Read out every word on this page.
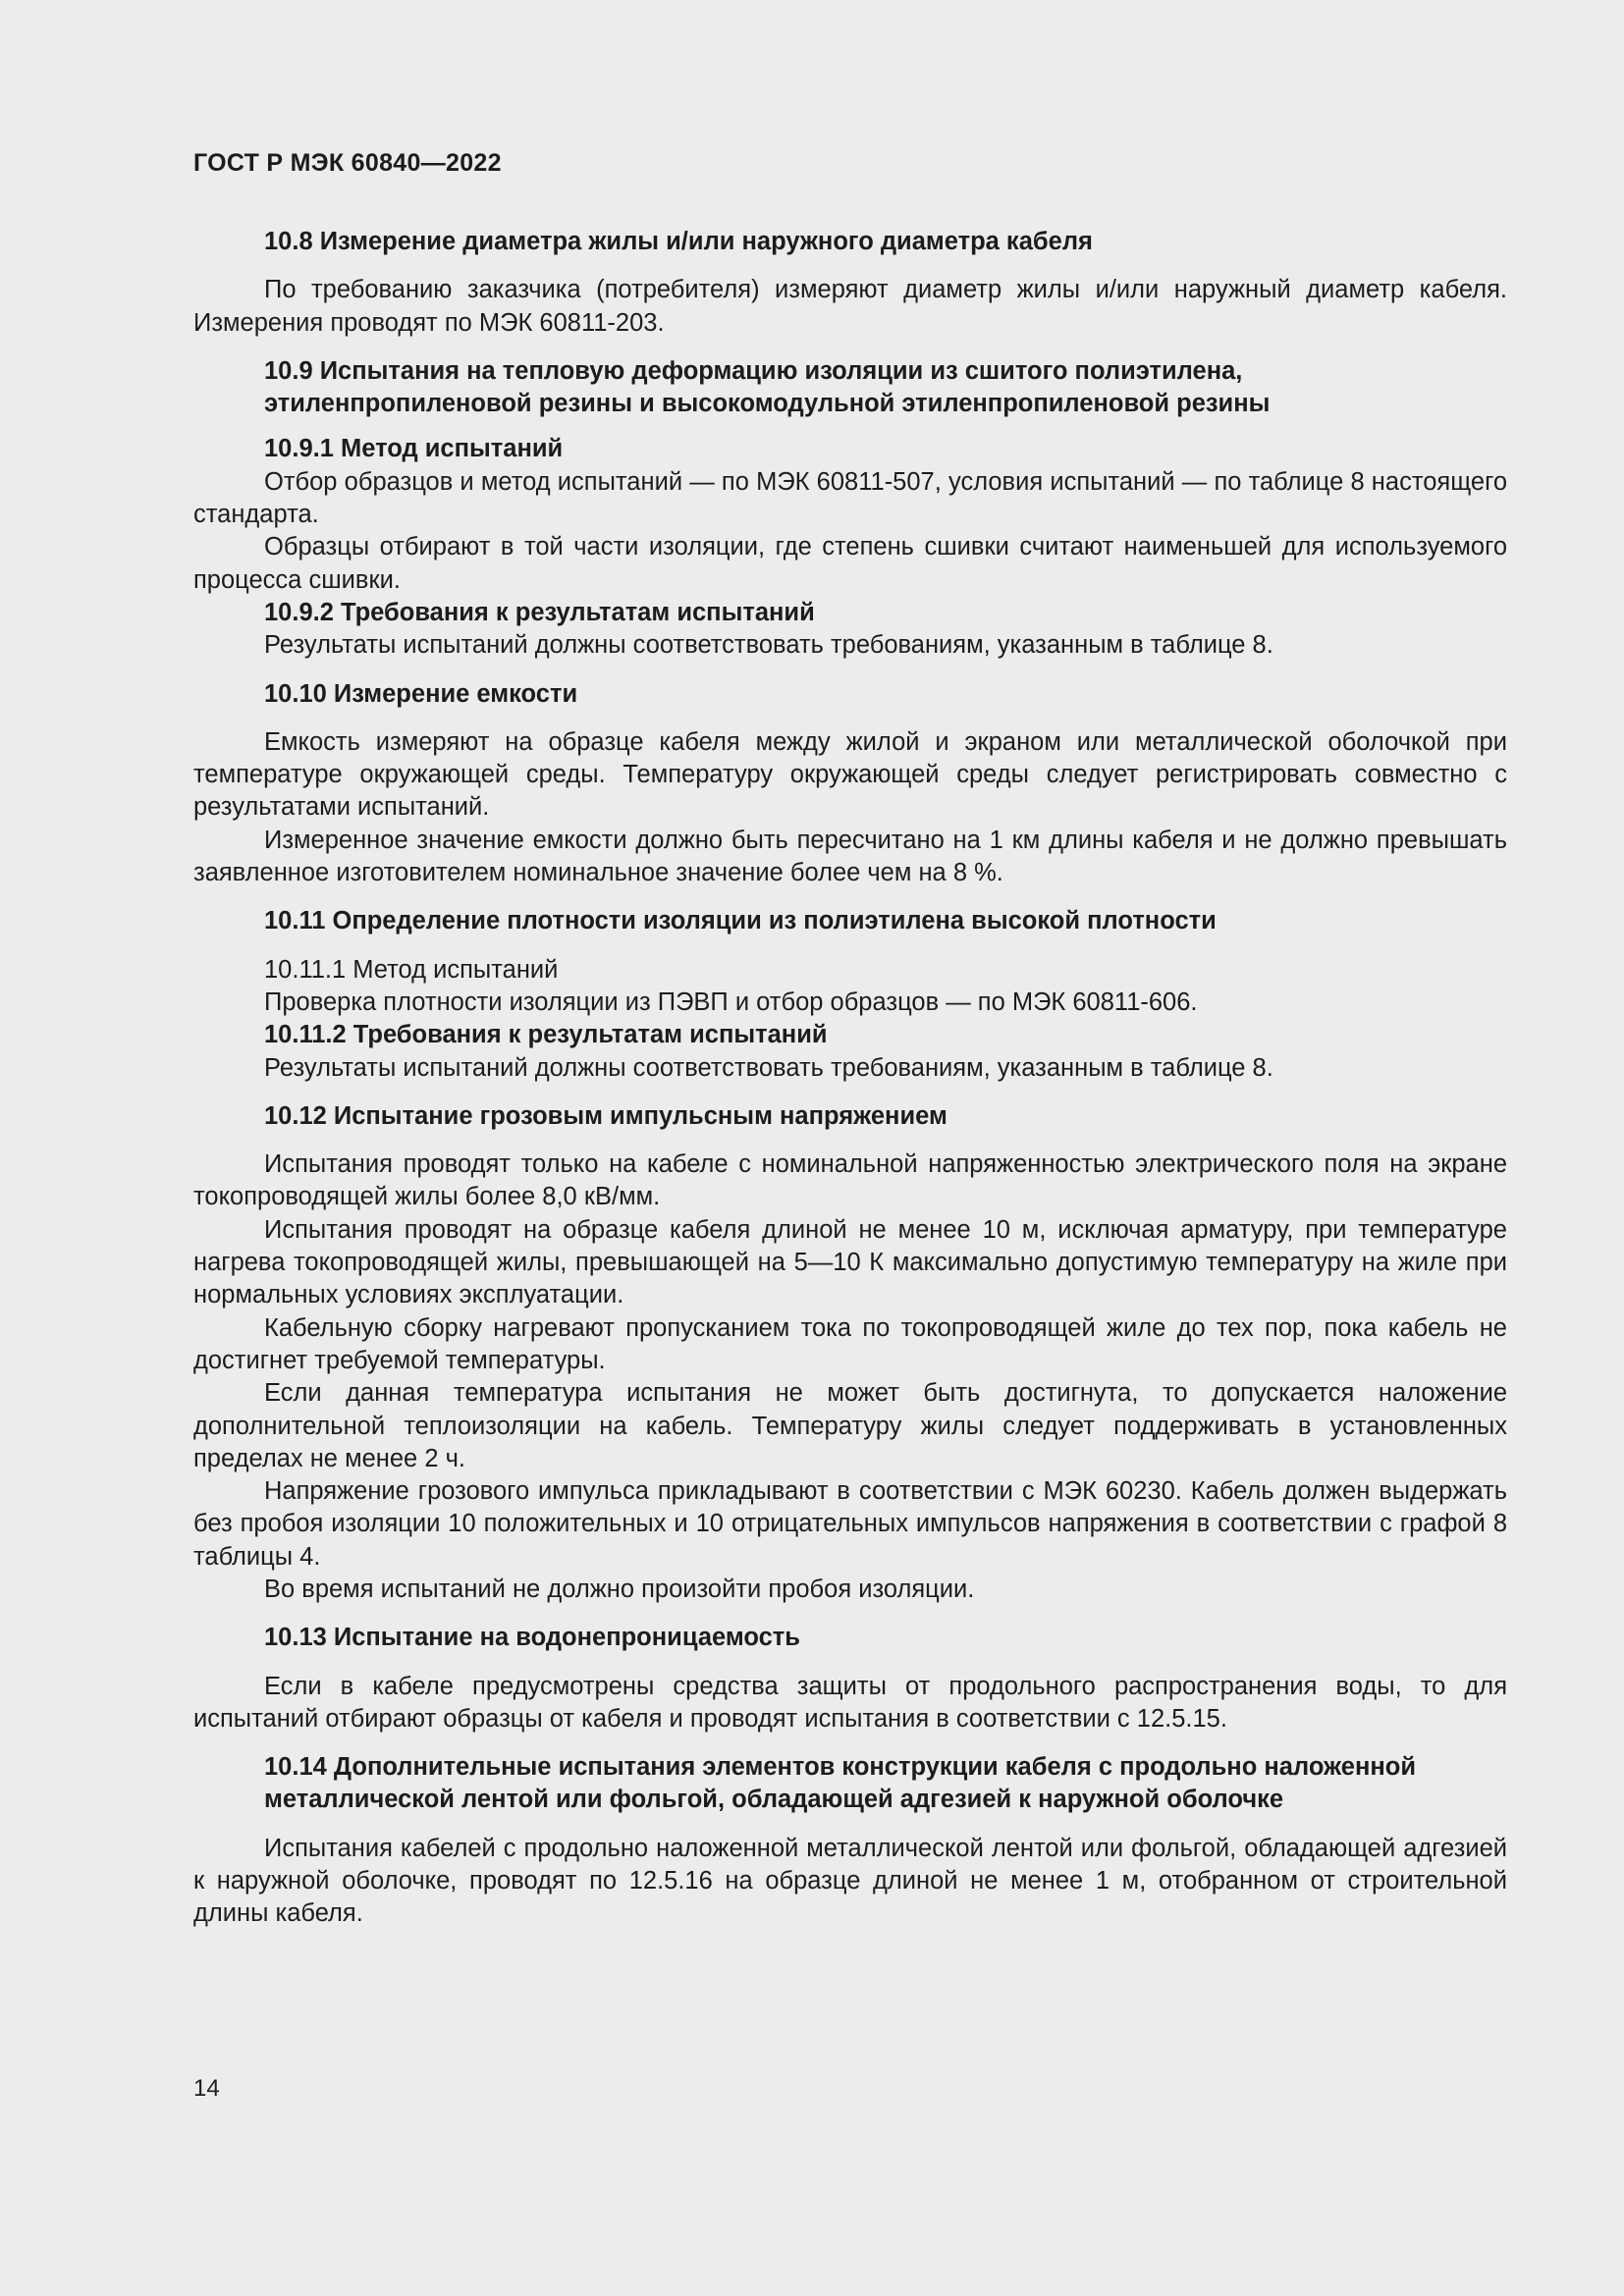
ГОСТ Р МЭК 60840—2022
10.8 Измерение диаметра жилы и/или наружного диаметра кабеля

По требованию заказчика (потребителя) измеряют диаметр жилы и/или наружный диаметр кабеля. Измерения проводят по МЭК 60811-203.

10.9 Испытания на тепловую деформацию изоляции из сшитого полиэтилена, этиленпропиленовой резины и высокомодульной этиленпропиленовой резины
10.9.1 Метод испытаний

Отбор образцов и метод испытаний — по МЭК 60811-507, условия испытаний — по таблице 8 настоящего стандарта.

Образцы отбирают в той части изоляции, где степень сшивки считают наименьшей для используемого процесса сшивки.

10.9.2 Требования к результатам испытаний

Результаты испытаний должны соответствовать требованиям, указанным в таблице 8.

10.10 Измерение емкости

Емкость измеряют на образце кабеля между жилой и экраном или металлической оболочкой при температуре окружающей среды. Температуру окружающей среды следует регистрировать совместно с результатами испытаний.

Измеренное значение емкости должно быть пересчитано на 1 км длины кабеля и не должно превышать заявленное изготовителем номинальное значение более чем на 8 %.

10.11 Определение плотности изоляции из полиэтилена высокой плотности
10.11.1 Метод испытаний
Проверка плотности изоляции из ПЭВП и отбор образцов — по МЭК 60811-606.
10.11.2 Требования к результатам испытаний
Результаты испытаний должны соответствовать требованиям, указанным в таблице 8.
10.12 Испытание грозовым импульсным напряжением

Испытания проводят только на кабеле с номинальной напряженностью электрического поля на экране токопроводящей жилы более 8,0 кВ/мм.

Испытания проводят на образце кабеля длиной не менее 10 м, исключая арматуру, при температуре нагрева токопроводящей жилы, превышающей на 5—10 К максимально допустимую температуру на жиле при нормальных условиях эксплуатации.

Кабельную сборку нагревают пропусканием тока по токопроводящей жиле до тех пор, пока кабель не достигнет требуемой температуры.

Если данная температура испытания не может быть достигнута, то допускается наложение дополнительной теплоизоляции на кабель. Температуру жилы следует поддерживать в установленных пределах не менее 2 ч.

Напряжение грозового импульса прикладывают в соответствии с МЭК 60230. Кабель должен выдержать без пробоя изоляции 10 положительных и 10 отрицательных импульсов напряжения в соответствии с графой 8 таблицы 4.

Во время испытаний не должно произойти пробоя изоляции.

10.13 Испытание на водонепроницаемость

Если в кабеле предусмотрены средства защиты от продольного распространения воды, то для испытаний отбирают образцы от кабеля и проводят испытания в соответствии с 12.5.15.

10.14 Дополнительные испытания элементов конструкции кабеля с продольно наложенной металлической лентой или фольгой, обладающей адгезией к наружной оболочке

Испытания кабелей с продольно наложенной металлической лентой или фольгой, обладающей адгезией к наружной оболочке, проводят по 12.5.16 на образце длиной не менее 1 м, отобранном от строительной длины кабеля.

14
